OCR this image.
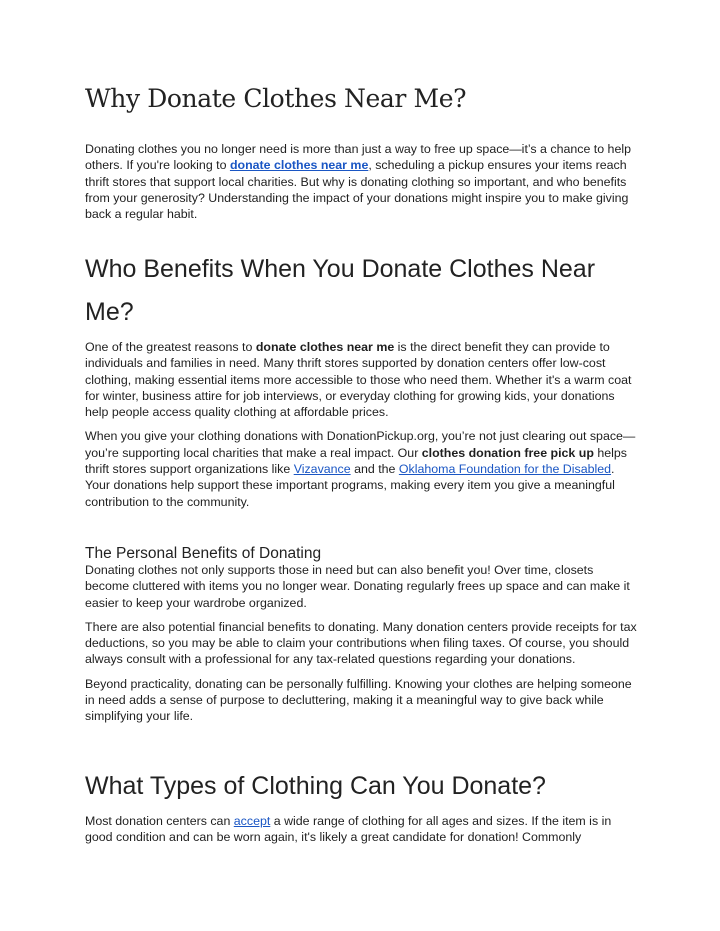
Why Donate Clothes Near Me?

Donating clothes you no longer need is more than just a way to free up space—it’s a chance to help others. If you're looking to donate clothes near me, scheduling a pickup ensures your items reach thrift stores that support local charities. But why is donating clothing so important, and who benefits from your generosity? Understanding the impact of your donations might inspire you to make giving back a regular habit.

Who Benefits When You Donate Clothes Near Me?

One of the greatest reasons to donate clothes near me is the direct benefit they can provide to individuals and families in need. Many thrift stores supported by donation centers offer low-cost clothing, making essential items more accessible to those who need them. Whether it's a warm coat for winter, business attire for job interviews, or everyday clothing for growing kids, your donations help people access quality clothing at affordable prices.

When you give your clothing donations with DonationPickup.org, you’re not just clearing out space—you’re supporting local charities that make a real impact. Our clothes donation free pick up helps thrift stores support organizations like Vizavance and the Oklahoma Foundation for the Disabled. Your donations help support these important programs, making every item you give a meaningful contribution to the community.

The Personal Benefits of Donating

Donating clothes not only supports those in need but can also benefit you! Over time, closets become cluttered with items you no longer wear. Donating regularly frees up space and can make it easier to keep your wardrobe organized.

There are also potential financial benefits to donating. Many donation centers provide receipts for tax deductions, so you may be able to claim your contributions when filing taxes. Of course, you should always consult with a professional for any tax-related questions regarding your donations.

Beyond practicality, donating can be personally fulfilling. Knowing your clothes are helping someone in need adds a sense of purpose to decluttering, making it a meaningful way to give back while simplifying your life.

What Types of Clothing Can You Donate?

Most donation centers can accept a wide range of clothing for all ages and sizes. If the item is in good condition and can be worn again, it's likely a great candidate for donation! Commonly
